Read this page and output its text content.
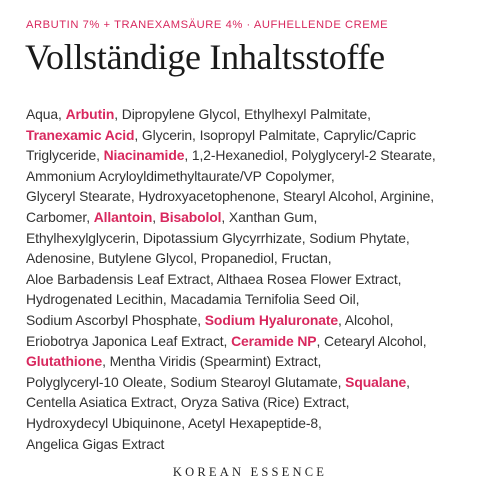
ARBUTIN 7% + TRANEXAMSÄURE 4% · AUFHELLENDE CREME
Vollständige Inhaltsstoffe
Aqua, Arbutin, Dipropylene Glycol, Ethylhexyl Palmitate,
Tranexamic Acid, Glycerin, Isopropyl Palmitate, Caprylic/Capric
Triglyceride, Niacinamide, 1,2-Hexanediol, Polyglyceryl-2 Stearate,
Ammonium Acryloyldimethyltaurate/VP Copolymer,
Glyceryl Stearate, Hydroxyacetophenone, Stearyl Alcohol, Arginine,
Carbomer, Allantoin, Bisabolol, Xanthan Gum,
Ethylhexylglycerin, Dipotassium Glycyrrhizate, Sodium Phytate,
Adenosine, Butylene Glycol, Propanediol, Fructan,
Aloe Barbadensis Leaf Extract, Althaea Rosea Flower Extract,
Hydrogenated Lecithin, Macadamia Ternifolia Seed Oil,
Sodium Ascorbyl Phosphate, Sodium Hyaluronate, Alcohol,
Eriobotrya Japonica Leaf Extract, Ceramide NP, Cetearyl Alcohol,
Glutathione, Mentha Viridis (Spearmint) Extract,
Polyglyceryl-10 Oleate, Sodium Stearoyl Glutamate, Squalane,
Centella Asiatica Extract, Oryza Sativa (Rice) Extract,
Hydroxydecyl Ubiquinone, Acetyl Hexapeptide-8,
Angelica Gigas Extract
KOREAN ESSENCE
